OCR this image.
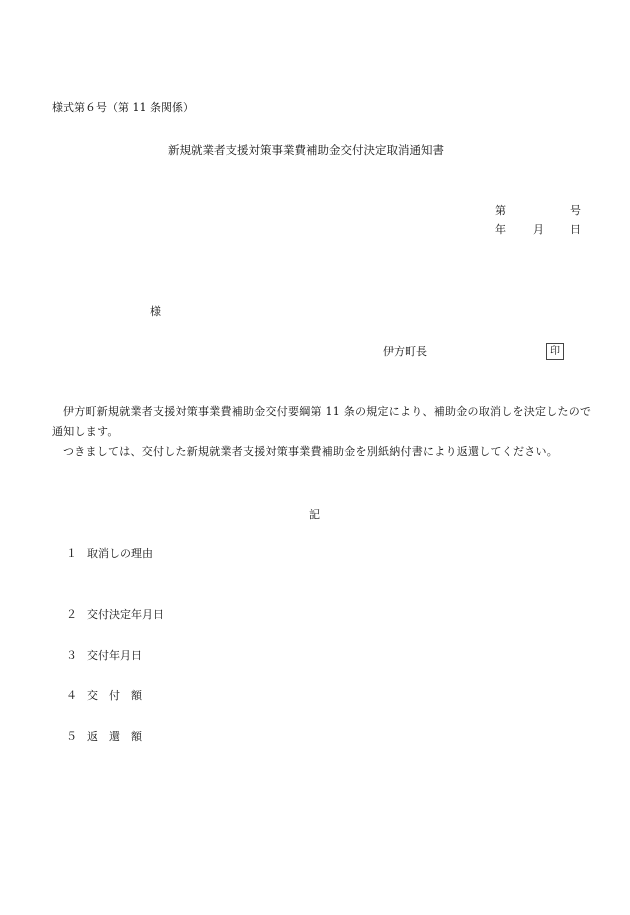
様式第６号（第 11 条関係）
新規就業者支援対策事業費補助金交付決定取消通知書
第	号
年 月 日
様
伊方町長	印
伊方町新規就業者支援対策事業費補助金交付要綱第 11 条の規定により、補助金の取消しを決定したので通知します。
つきましては、交付した新規就業者支援対策事業費補助金を別紙納付書により返還してください。
記
１ 取消しの理由
２ 交付決定年月日
３ 交付年月日
４ 交付額
５ 返還額
